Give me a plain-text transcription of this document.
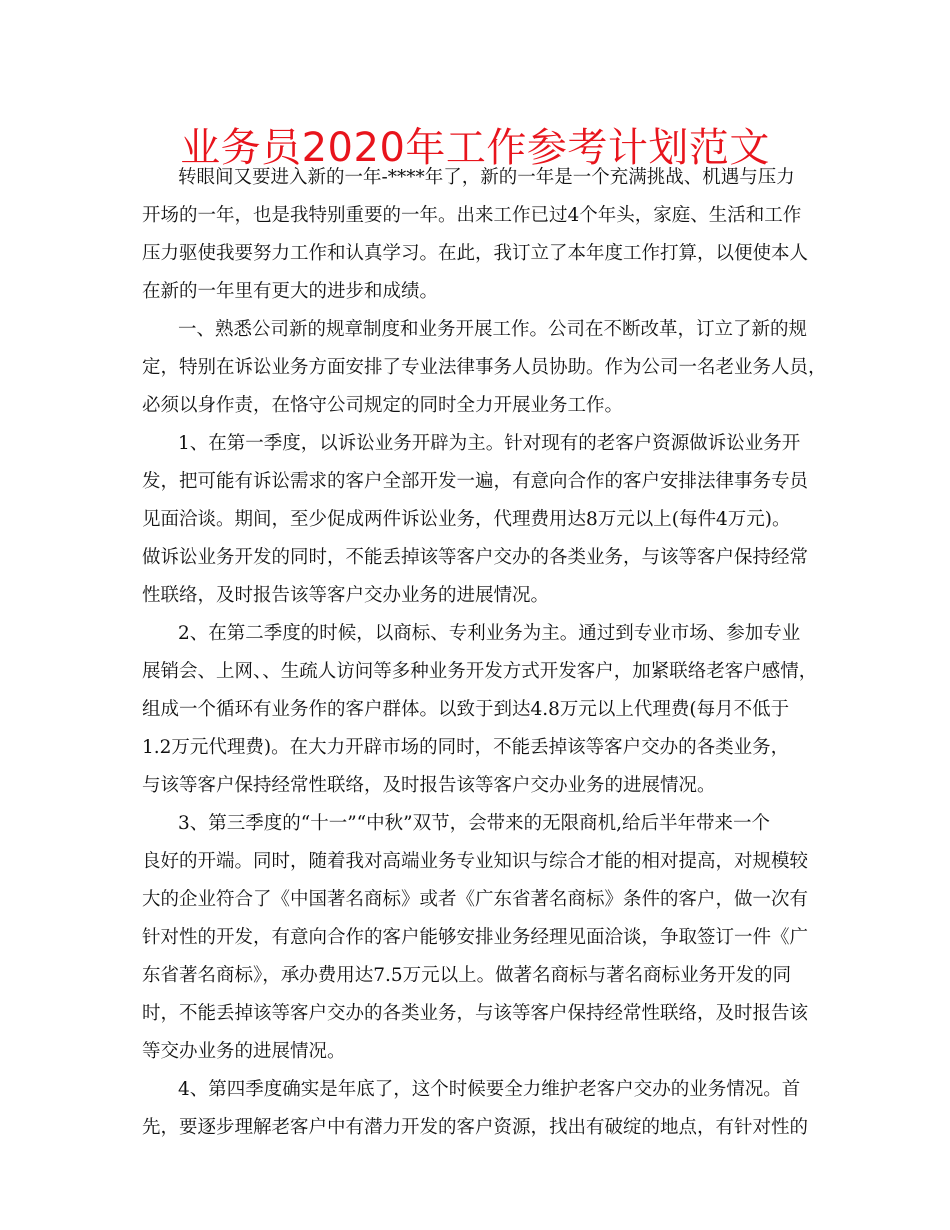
业务员2020年工作参考计划范文
转眼间又要进入新的一年-****年了，新的一年是一个充满挑战、机遇与压力
开场的一年，也是我特别重要的一年。出来工作已过4个年头，家庭、生活和工作
压力驱使我要努力工作和认真学习。在此，我订立了本年度工作打算，以便使本人
在新的一年里有更大的进步和成绩。
一、熟悉公司新的规章制度和业务开展工作。公司在不断改革，订立了新的规
定，特别在诉讼业务方面安排了专业法律事务人员协助。作为公司一名老业务人员，
必须以身作责，在恪守公司规定的同时全力开展业务工作。
1、在第一季度，以诉讼业务开辟为主。针对现有的老客户资源做诉讼业务开
发，把可能有诉讼需求的客户全部开发一遍，有意向合作的客户安排法律事务专员
见面洽谈。期间，至少促成两件诉讼业务，代理费用达8万元以上(每件4万元)。
做诉讼业务开发的同时，不能丢掉该等客户交办的各类业务，与该等客户保持经常
性联络，及时报告该等客户交办业务的进展情况。
2、在第二季度的时候，以商标、专利业务为主。通过到专业市场、参加专业
展销会、上网、、生疏人访问等多种业务开发方式开发客户，加紧联络老客户感情，
组成一个循环有业务作的客户群体。以致于到达4.8万元以上代理费(每月不低于
1.2万元代理费)。在大力开辟市场的同时，不能丢掉该等客户交办的各类业务，
与该等客户保持经常性联络，及时报告该等客户交办业务的进展情况。
3、第三季度的“十一”“中秋”双节，会带来的无限商机,给后半年带来一个
良好的开端。同时，随着我对高端业务专业知识与综合才能的相对提高，对规模较
大的企业符合了《中国著名商标》或者《广东省著名商标》条件的客户，做一次有
针对性的开发，有意向合作的客户能够安排业务经理见面洽谈，争取签订一件《广
东省著名商标》，承办费用达7.5万元以上。做著名商标与著名商标业务开发的同
时，不能丢掉该等客户交办的各类业务，与该等客户保持经常性联络，及时报告该
等交办业务的进展情况。
4、第四季度确实是年底了，这个时候要全力维护老客户交办的业务情况。首
先，要逐步理解老客户中有潜力开发的客户资源，找出有破绽的地点，有针对性的
